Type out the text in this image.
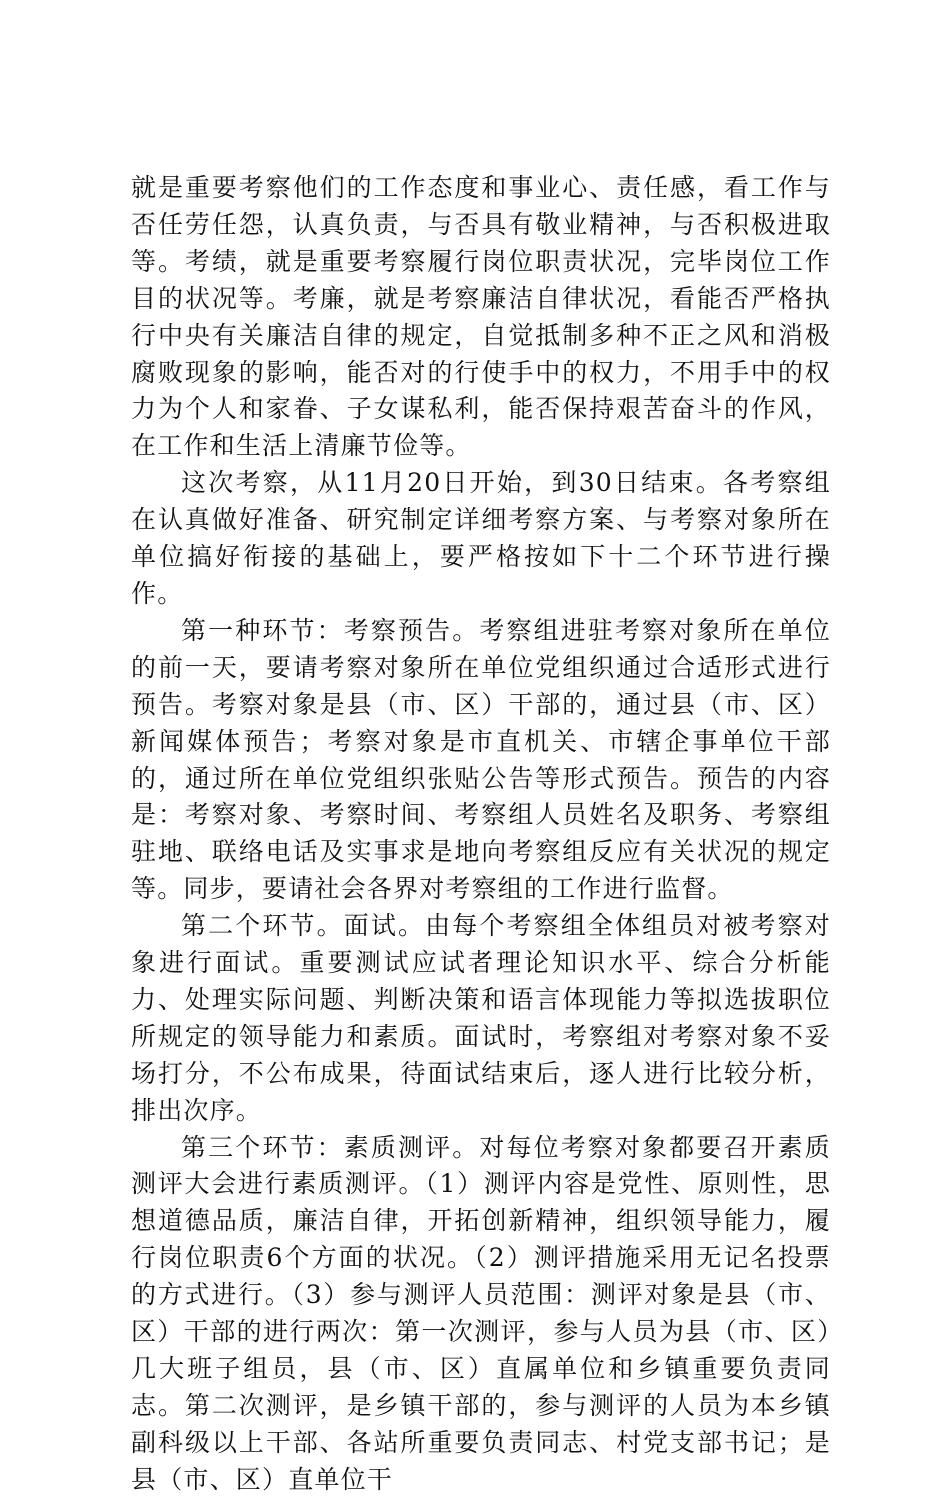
就是重要考察他们的工作态度和事业心、责任感，看工作与否任劳任怨，认真负责，与否具有敬业精神，与否积极进取等。考绩，就是重要考察履行岗位职责状况，完毕岗位工作目的状况等。考廉，就是考察廉洁自律状况，看能否严格执行中央有关廉洁自律的规定，自觉抵制多种不正之风和消极腐败现象的影响，能否对的行使手中的权力，不用手中的权力为个人和家眷、子女谋私利，能否保持艰苦奋斗的作风，在工作和生活上清廉节俭等。

这次考察，从11月20日开始，到30日结束。各考察组在认真做好准备、研究制定详细考察方案、与考察对象所在单位搞好衔接的基础上，要严格按如下十二个环节进行操作。

第一种环节：考察预告。考察组进驻考察对象所在单位的前一天，要请考察对象所在单位党组织通过合适形式进行预告。考察对象是县（市、区）干部的，通过县（市、区）新闻媒体预告；考察对象是市直机关、市辖企事单位干部的，通过所在单位党组织张贴公告等形式预告。预告的内容是：考察对象、考察时间、考察组人员姓名及职务、考察组驻地、联络电话及实事求是地向考察组反应有关状况的规定等。同步，要请社会各界对考察组的工作进行监督。

第二个环节。面试。由每个考察组全体组员对被考察对象进行面试。重要测试应试者理论知识水平、综合分析能力、处理实际问题、判断决策和语言体现能力等拟选拔职位所规定的领导能力和素质。面试时，考察组对考察对象不妥场打分，不公布成果，待面试结束后，逐人进行比较分析，排出次序。

第三个环节：素质测评。对每位考察对象都要召开素质测评大会进行素质测评。（1）测评内容是党性、原则性，思想道德品质，廉洁自律，开拓创新精神，组织领导能力，履行岗位职责6个方面的状况。（2）测评措施采用无记名投票的方式进行。（3）参与测评人员范围：测评对象是县（市、区）干部的进行两次：第一次测评，参与人员为县（市、区）几大班子组员，县（市、区）直属单位和乡镇重要负责同志。第二次测评，是乡镇干部的，参与测评的人员为本乡镇副科级以上干部、各站所重要负责同志、村党支部书记；是县（市、区）直单位干
